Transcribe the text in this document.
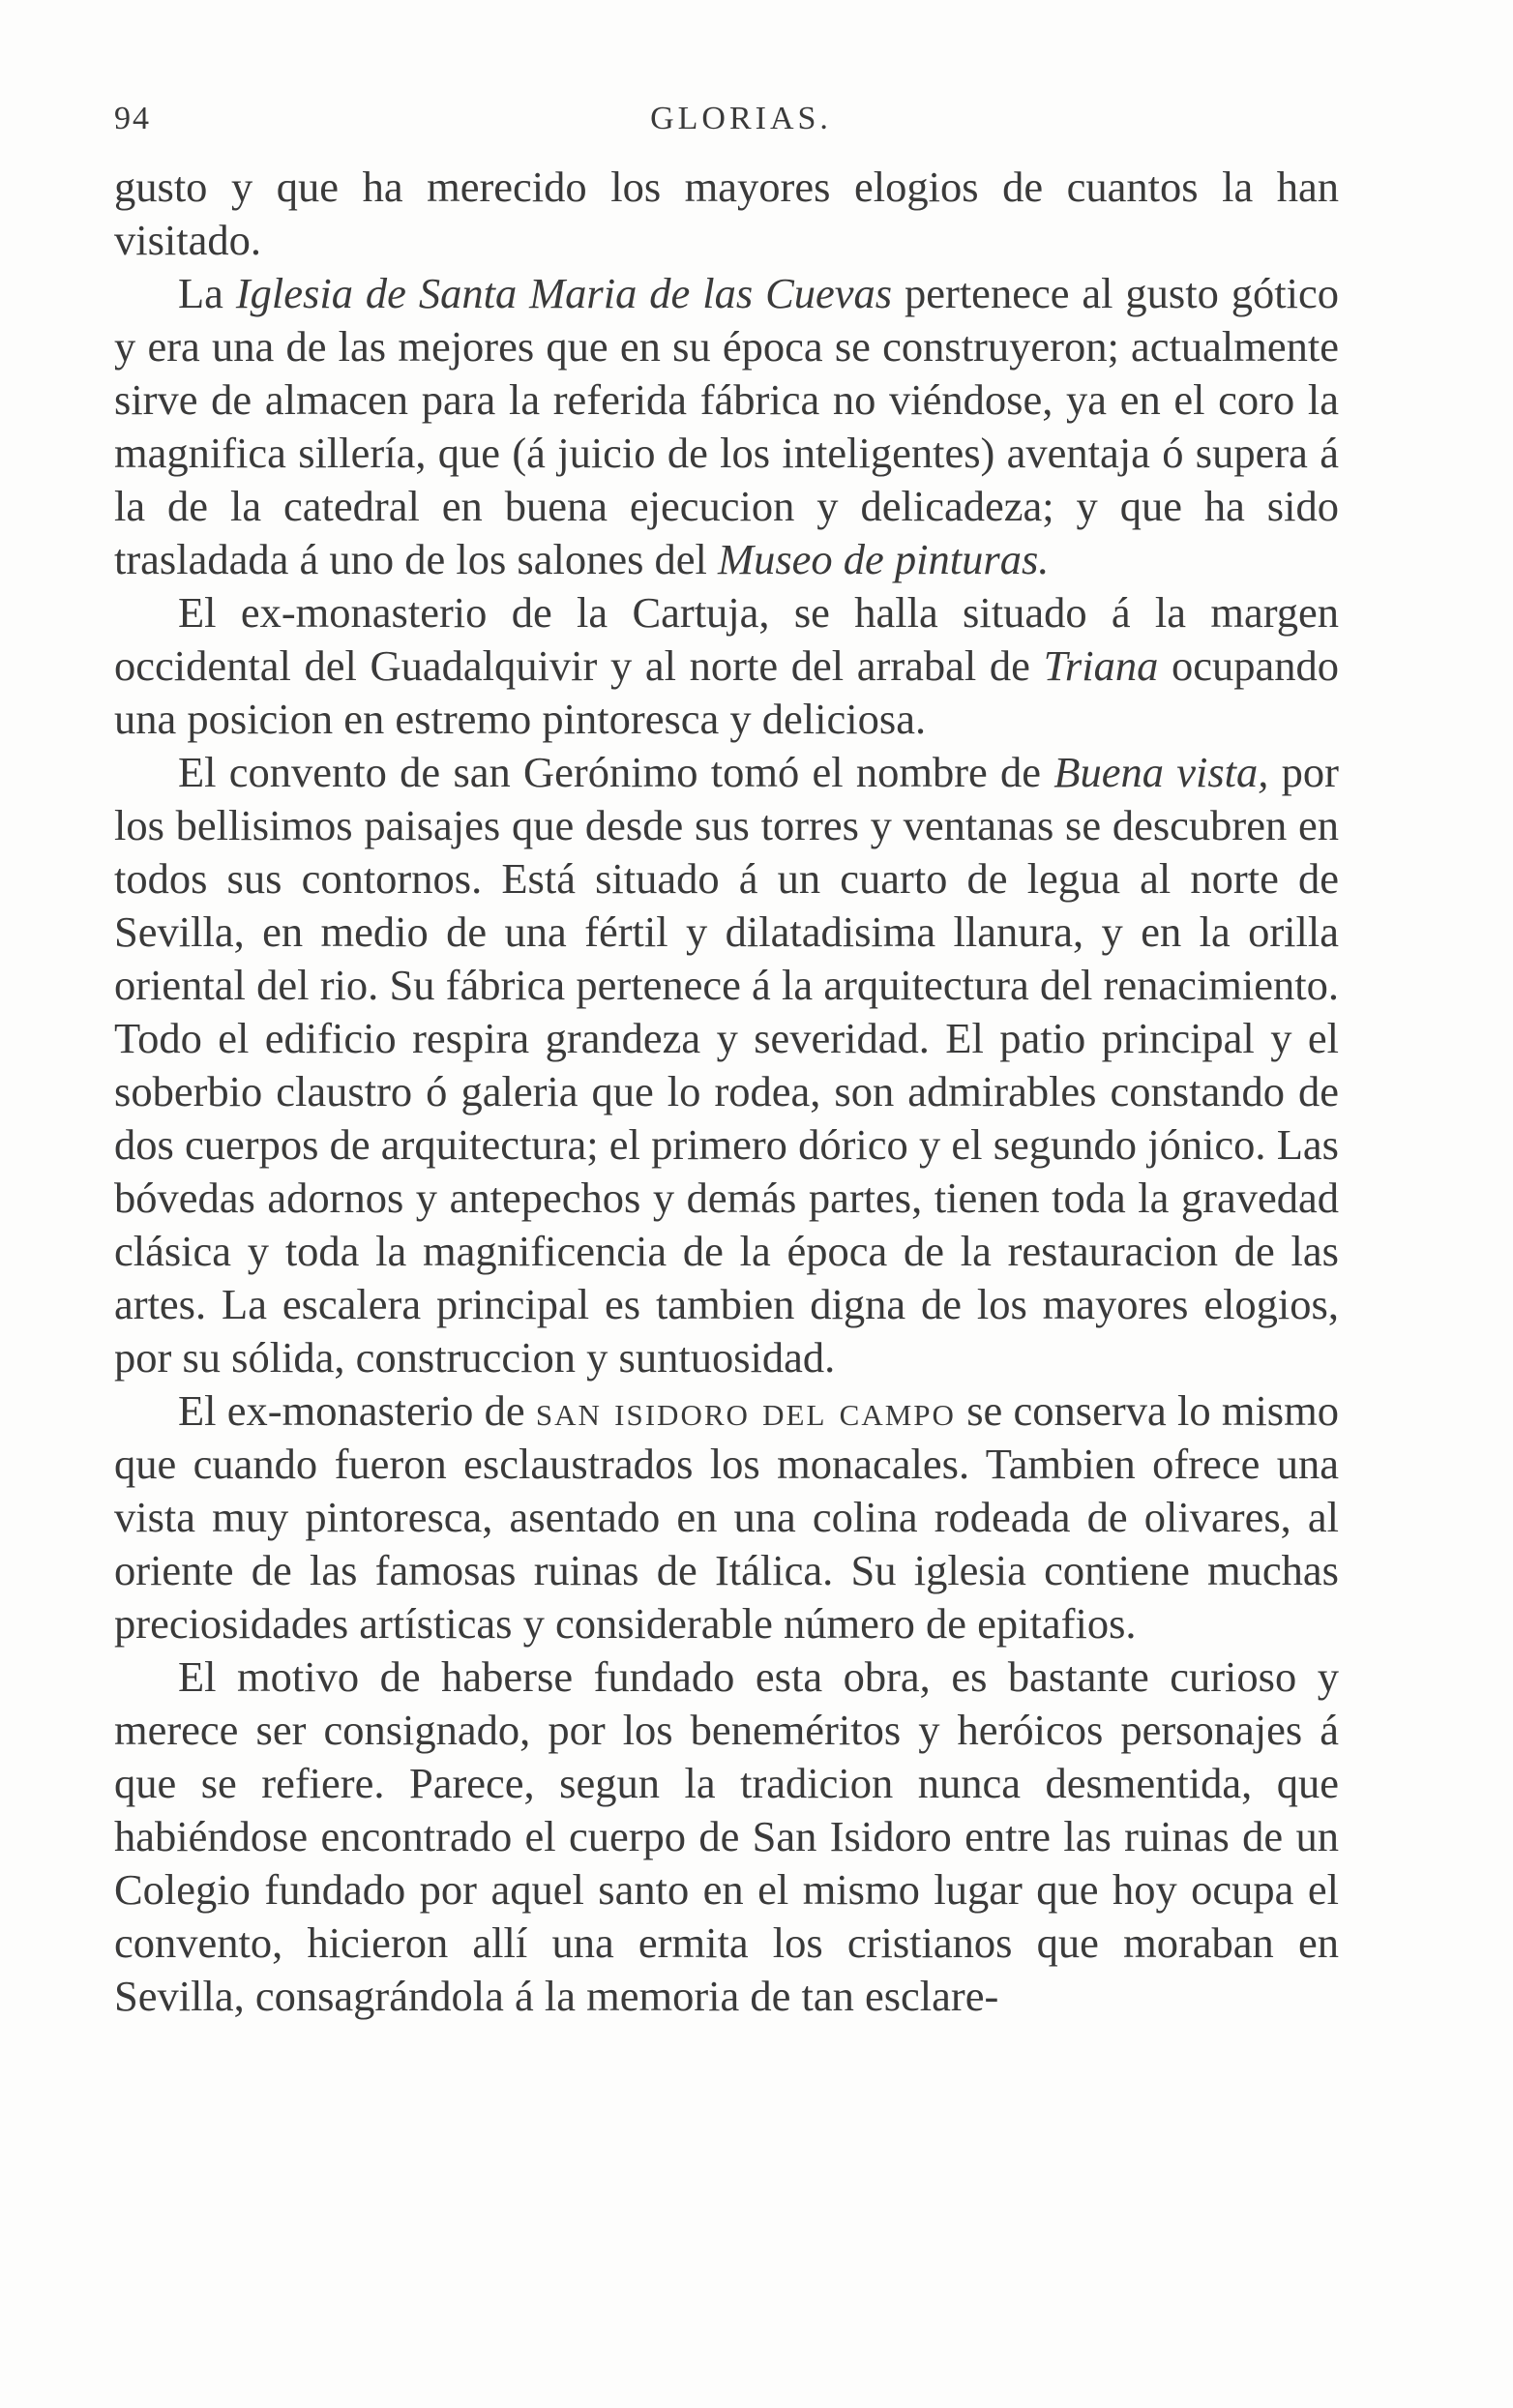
94	GLORIAS.

gusto y que ha merecido los mayores elogios de cuantos la han visitado.

La Iglesia de Santa Maria de las Cuevas pertenece al gusto gótico y era una de las mejores que en su época se construyeron; actualmente sirve de almacen para la referida fábrica no viéndose, ya en el coro la magnifica sillería, que (á juicio de los inteligentes) aventaja ó supera á la de la catedral en buena ejecucion y delicadeza; y que ha sido trasladada á uno de los salones del Museo de pinturas.

El ex-monasterio de la Cartuja, se halla situado á la margen occidental del Guadalquivir y al norte del arrabal de Triana ocupando una posicion en estremo pintoresca y deliciosa.

El convento de san Gerónimo tomó el nombre de Buena vista, por los bellisimos paisajes que desde sus torres y ventanas se descubren en todos sus contornos. Está situado á un cuarto de legua al norte de Sevilla, en medio de una fértil y dilatadisima llanura, y en la orilla oriental del rio. Su fábrica pertenece á la arquitectura del renacimiento. Todo el edificio respira grandeza y severidad. El patio principal y el soberbio claustro ó galeria que lo rodea, son admirables constando de dos cuerpos de arquitectura; el primero dórico y el segundo jónico. Las bóvedas adornos y antepechos y demás partes, tienen toda la gravedad clásica y toda la magnificencia de la época de la restauracion de las artes. La escalera principal es tambien digna de los mayores elogios, por su sólida, construccion y suntuosidad.

El ex-monasterio de san isidoro del campo se conserva lo mismo que cuando fueron esclaustrados los monacales. Tambien ofrece una vista muy pintoresca, asentado en una colina rodeada de olivares, al oriente de las famosas ruinas de Itálica. Su iglesia contiene muchas preciosidades artísticas y considerable número de epitafios.

El motivo de haberse fundado esta obra, es bastante curioso y merece ser consignado, por los beneméritos y heróicos personajes á que se refiere. Parece, segun la tradicion nunca desmentida, que habiéndose encontrado el cuerpo de San Isidoro entre las ruinas de un Colegio fundado por aquel santo en el mismo lugar que hoy ocupa el convento, hicieron allí una ermita los cristianos que moraban en Sevilla, consagrándola á la memoria de tan esclare-
